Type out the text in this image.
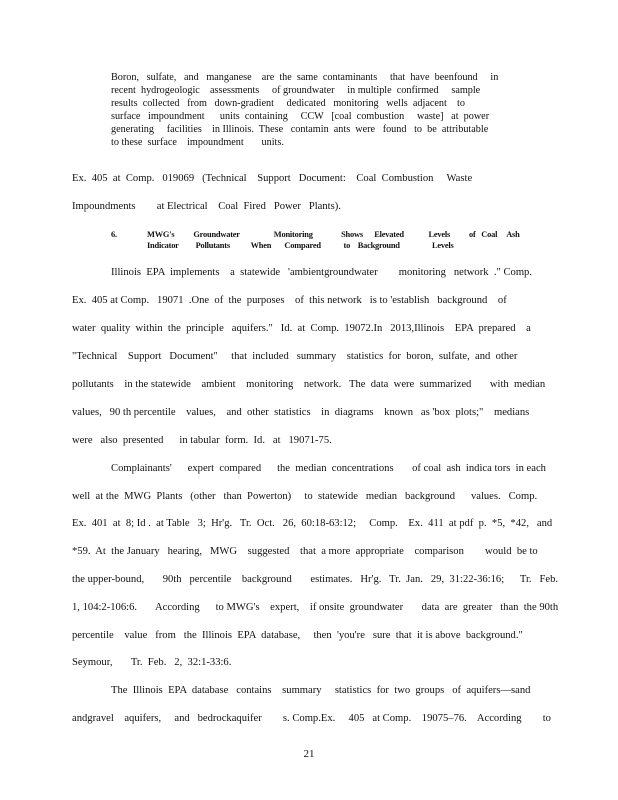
Boron,   sulfate,   and   manganese    are  the  same  contaminants     that  have  beenfound     in
recent  hydrogeologic    assessments     of groundwater     in multiple  confirmed     sample
results  collected   from   down-gradient     dedicated   monitoring   wells  adjacent    to
surface   impoundment      units  containing     CCW   [coal  combustion     waste]   at  power
generating     facilities    in Illinois.  These   contamin  ants  were   found   to  be  attributable
to these  surface    impoundment       units.
Ex.  405  at  Comp.   019069   (Technical    Support   Document:    Coal  Combustion     Waste
Impoundments        at Electrical    Coal  Fired   Power   Plants).
6.	MWG's          Groundwater                  Monitoring               Shows      Elevated             Levels          of   Coal     Ash
Indicator         Pollutants           When       Compared            to    Background                 Levels
Illinois  EPA  implements    a  statewide   'ambientgroundwater        monitoring   network  ." Comp.
Ex.  405 at Comp.   19071  .One  of  the  purposes    of  this network   is to 'establish   background    of
water  quality  within  the  principle   aquifers."   Id.  at  Comp.  19072.In   2013,Illinois    EPA  prepared    a
"Technical    Support   Document"     that  included   summary    statistics  for  boron,  sulfate,  and  other
pollutants    in the statewide    ambient    monitoring    network.   The  data  were  summarized       with  median
values,   90 th percentile    values,    and  other  statistics    in  diagrams    known   as 'box  plots;"    medians
were   also  presented      in tabular  form.  Id.   at   19071-75.
Complainants'      expert  compared      the  median  concentrations       of coal  ash  indica tors  in each
well  at the  MWG  Plants   (other   than  Powerton)     to  statewide   median   background      values.   Comp.
Ex.  401  at  8; Id .  at Table   3;  Hr'g.   Tr.  Oct.   26,  60:18-63:12;     Comp.    Ex.  411  at pdf  p.  *5,  *42,   and
*59.  At  the January   hearing,   MWG    suggested    that  a more  appropriate    comparison        would  be to
the upper-bound,       90th   percentile    background       estimates.   Hr'g.   Tr.  Jan.   29,  31:22-36:16;      Tr.   Feb.
1, 104:2-106:6.       According      to MWG's    expert,    if onsite  groundwater       data  are  greater   than  the 90th
percentile    value   from   the  Illinois  EPA  database,     then  'you're   sure  that  it is above  background."
Seymour,       Tr.  Feb.   2,  32:1-33:6.
The  Illinois  EPA  database   contains    summary     statistics  for  two  groups   of  aquifers—sand
andgravel    aquifers,     and   bedrockaquifer        s. Comp.Ex.     405   at Comp.    19075–76.    According        to
21
